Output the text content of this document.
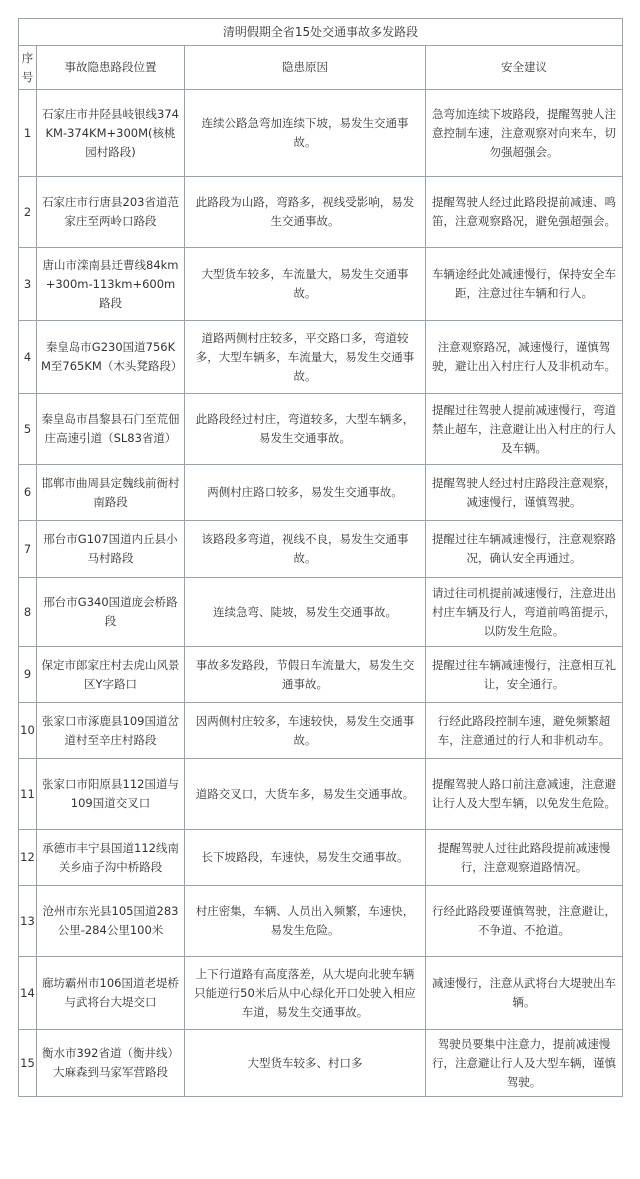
清明假期全省15处交通事故多发路段			
序号	事故隐患路段位置	隐患原因	安全建议
1	石家庄市井陉县岐银线374KM-374KM+300M(核桃园村路段)	连续公路急弯加连续下坡，易发生交通事故。	急弯加连续下坡路段，提醒驾驶人注意控制车速，注意观察对向来车，切勿强超强会。
2	石家庄市行唐县203省道范家庄至两岭口路段	此路段为山路，弯路多，视线受影响，易发生交通事故。	提醒驾驶人经过此路段提前减速、鸣笛，注意观察路况，避免强超强会。
3	唐山市滦南县迁曹线84km+300m-113km+600m路段	大型货车较多，车流量大，易发生交通事故。	车辆途经此处减速慢行，保持安全车距，注意过往车辆和行人。
4	秦皇岛市G230国道756KM至765KM（木头凳路段）	道路两侧村庄较多，平交路口多，弯道较多，大型车辆多，车流量大，易发生交通事故。	注意观察路况，减速慢行，谨慎驾驶，避让出入村庄行人及非机动车。
5	秦皇岛市昌黎县石门至荒佃庄高速引道（SL83省道）	此路段经过村庄，弯道较多，大型车辆多，易发生交通事故。	提醒过往驾驶人提前减速慢行，弯道禁止超车，注意避让出入村庄的行人及车辆。
6	邯郸市曲周县定魏线前衙村南路段	两侧村庄路口较多，易发生交通事故。	提醒驾驶人经过村庄路段注意观察，减速慢行，谨慎驾驶。
7	邢台市G107国道内丘县小马村路段	该路段多弯道，视线不良，易发生交通事故。	提醒过往车辆减速慢行，注意观察路况，确认安全再通过。
8	邢台市G340国道庞会桥路段	连续急弯、陡坡，易发生交通事故。	请过往司机提前减速慢行，注意进出村庄车辆及行人，弯道前鸣笛提示，以防发生危险。
9	保定市郎家庄村去虎山风景区Y字路口	事故多发路段，节假日车流量大，易发生交通事故。	提醒过往车辆减速慢行，注意相互礼让，安全通行。
10	张家口市涿鹿县109国道岔道村至辛庄村路段	因两侧村庄较多，车速较快，易发生交通事故。	行经此路段控制车速，避免频繁超车，注意通过的行人和非机动车。
11	张家口市阳原县112国道与109国道交叉口	道路交叉口，大货车多，易发生交通事故。	提醒驾驶人路口前注意减速，注意避让行人及大型车辆，以免发生危险。
12	承德市丰宁县国道112线南关乡庙子沟中桥路段	长下坡路段，车速快，易发生交通事故。	提醒驾驶人过往此路段提前减速慢行，注意观察道路情况。
13	沧州市东光县105国道283公里-284公里100米	村庄密集，车辆、人员出入频繁，车速快，易发生危险。	行经此路段要谨慎驾驶，注意避让，不争道、不抢道。
14	廊坊霸州市106国道老堤桥与武将台大堤交口	上下行道路有高度落差，从大堤向北驶车辆只能逆行50米后从中心绿化开口处驶入相应车道，易发生交通事故。	减速慢行，注意从武将台大堤驶出车辆。
15	衡水市392省道（衡井线）大麻森到马家军营路段	大型货车较多、村口多	驾驶员要集中注意力，提前减速慢行，注意避让行人及大型车辆，谨慎驾驶。
